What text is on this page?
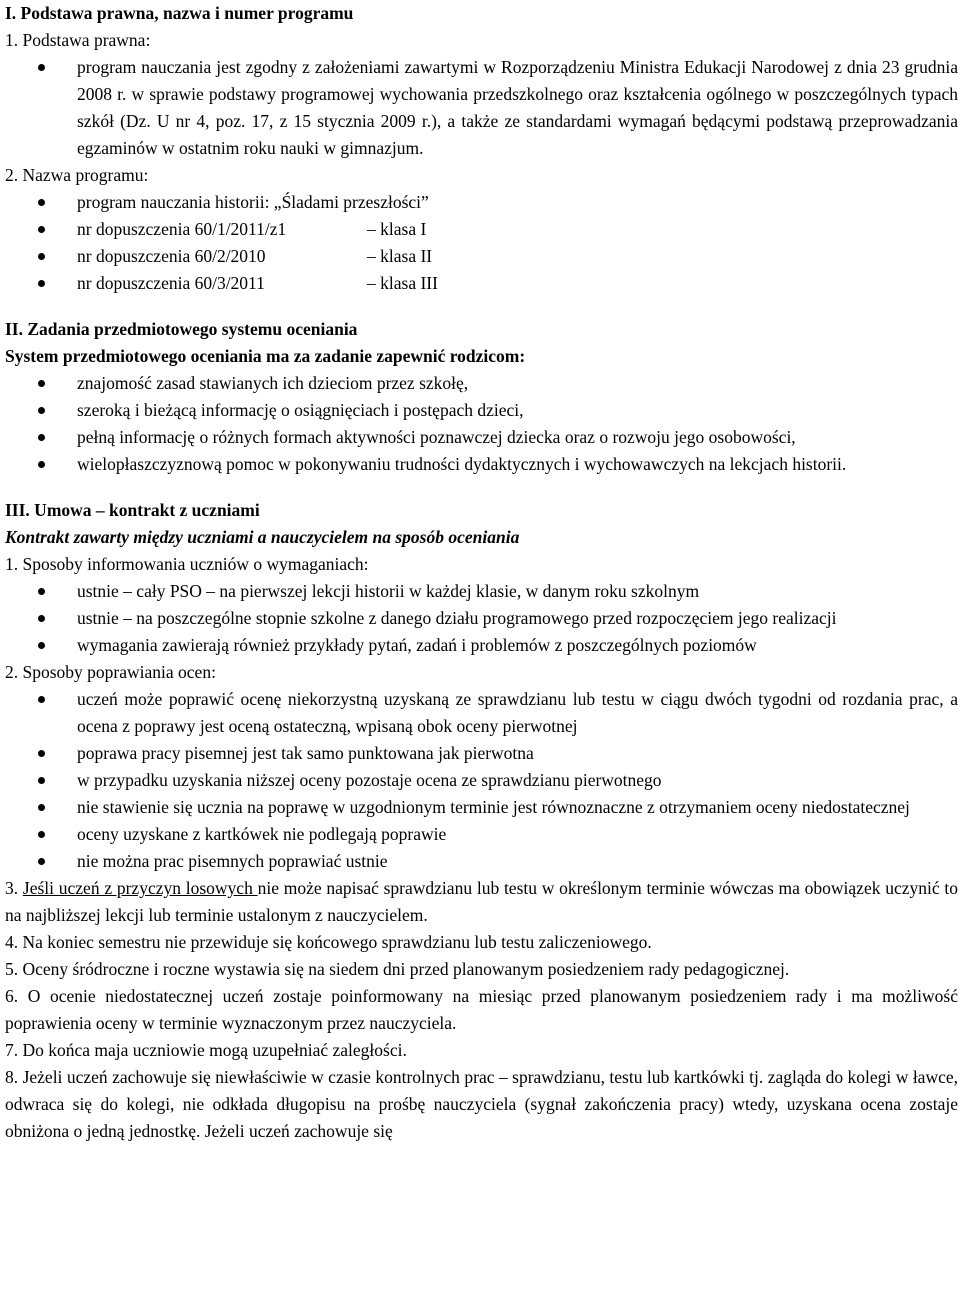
I. Podstawa prawna, nazwa i numer programu

1. Podstawa prawna:

program nauczania jest zgodny z założeniami zawartymi w Rozporządzeniu Ministra Edukacji Narodowej z dnia 23 grudnia 2008 r. w sprawie podstawy programowej wychowania przedszkolnego oraz kształcenia ogólnego w poszczególnych typach szkół (Dz. U nr 4, poz. 17, z 15 stycznia 2009 r.), a także ze standardami wymagań będącymi podstawą przeprowadzania egzaminów w ostatnim roku nauki w gimnazjum.

2. Nazwa programu:

program nauczania historii: „Śladami przeszłości”
nr dopuszczenia 60/1/2011/z1	– klasa I
nr dopuszczenia 60/2/2010	– klasa II
nr dopuszczenia 60/3/2011	– klasa III

II. Zadania przedmiotowego systemu oceniania

System przedmiotowego oceniania ma za zadanie zapewnić rodzicom:

znajomość zasad stawianych ich dzieciom przez szkołę,
szeroką i bieżącą informację o osiągnięciach i postępach dzieci,
pełną informację o różnych formach aktywności poznawczej dziecka oraz o rozwoju jego osobowości,
wielopłaszczyznową pomoc w pokonywaniu trudności dydaktycznych i wychowawczych na lekcjach historii.

III. Umowa – kontrakt z uczniami

Kontrakt zawarty między uczniami a nauczycielem na sposób oceniania

1. Sposoby informowania uczniów o wymaganiach:

ustnie – cały PSO – na pierwszej lekcji historii w każdej klasie, w danym roku szkolnym
ustnie – na poszczególne stopnie szkolne z danego działu programowego przed rozpoczęciem jego realizacji
wymagania zawierają również przykłady pytań, zadań i problemów z poszczególnych poziomów

2. Sposoby poprawiania ocen:

uczeń może poprawić ocenę niekorzystną uzyskaną ze sprawdzianu lub testu w ciągu dwóch tygodni od rozdania prac, a ocena z poprawy jest oceną ostateczną, wpisaną obok oceny pierwotnej
poprawa pracy pisemnej jest tak samo punktowana jak pierwotna
w przypadku uzyskania niższej oceny pozostaje ocena ze sprawdzianu pierwotnego
nie stawienie się ucznia na poprawę w uzgodnionym terminie jest równoznaczne z otrzymaniem oceny niedostatecznej
oceny uzyskane z kartkówek nie podlegają poprawie
nie można prac pisemnych poprawiać ustnie

3. Jeśli uczeń z przyczyn losowych nie może napisać sprawdzianu lub testu w określonym terminie wówczas ma obowiązek uczynić to na najbliższej lekcji lub terminie ustalonym z nauczycielem.

4. Na koniec semestru nie przewiduje się końcowego sprawdzianu lub testu zaliczeniowego.

5. Oceny śródroczne i roczne wystawia się na siedem dni przed planowanym posiedzeniem rady pedagogicznej.

6. O ocenie niedostatecznej uczeń zostaje poinformowany na miesiąc przed planowanym posiedzeniem rady i ma możliwość poprawienia oceny w terminie wyznaczonym przez nauczyciela.

7. Do końca maja uczniowie mogą uzupełniać zaległości.

8. Jeżeli uczeń zachowuje się niewłaściwie w czasie kontrolnych prac – sprawdzianu, testu lub kartkówki tj. zagląda do kolegi w ławce, odwraca się do kolegi, nie odkłada długopisu na prośbę nauczyciela (sygnał zakończenia pracy) wtedy, uzyskana ocena zostaje obniżona o jedną jednostkę. Jeżeli uczeń zachowuje się
